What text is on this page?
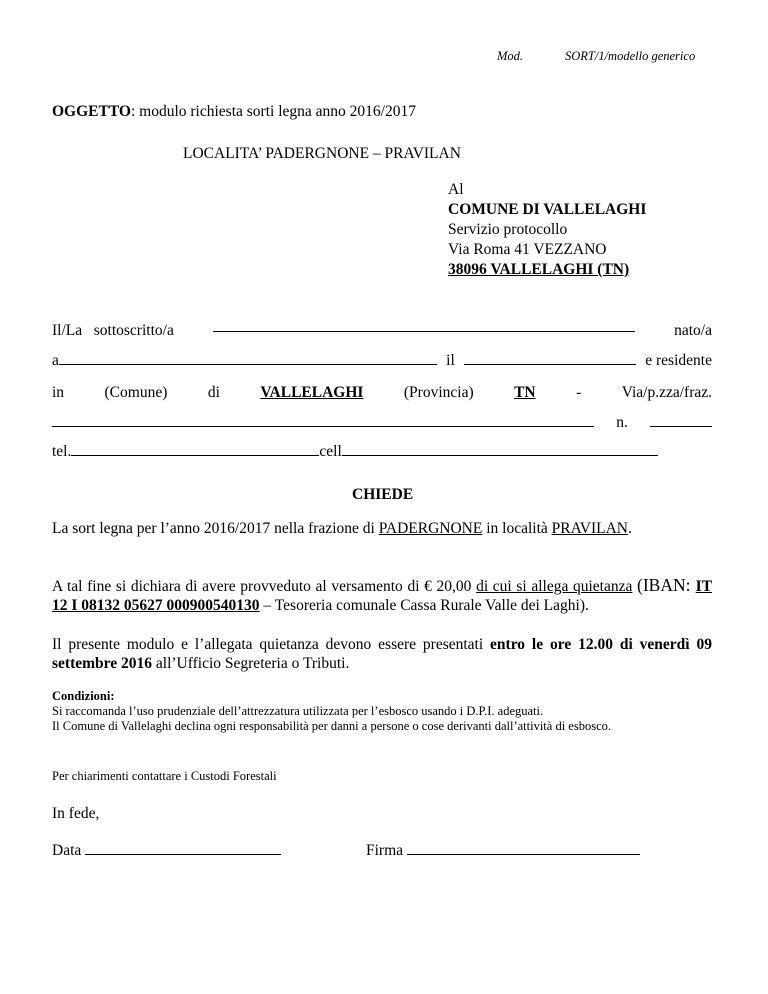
Mod.	SORT/1/modello generico
OGGETTO: modulo richiesta sorti legna anno 2016/2017
LOCALITA’ PADERGNONE – PRAVILAN
Al
COMUNE DI VALLELAGHI
Servizio protocollo
Via Roma 41 VEZZANO
38096 VALLELAGHI (TN)
Il/La sottoscritto/a	nato/a
a	il	e residente
in	(Comune)	di	VALLELAGHI	(Provincia)	TN	-	Via/p.zza/fraz.
n.
tel.	cell
CHIEDE
La sort legna per l’anno 2016/2017 nella frazione di PADERGNONE in località PRAVILAN.
A tal fine si dichiara di avere provveduto al versamento di € 20,00 di cui si allega quietanza (IBAN: IT 12 I 08132 05627 000900540130 – Tesoreria comunale Cassa Rurale Valle dei Laghi).
Il presente modulo e l’allegata quietanza devono essere presentati entro le ore 12.00 di venerdì 09 settembre 2016 all’Ufficio Segreteria o Tributi.
Condizioni:
Si raccomanda l’uso prudenziale dell’attrezzatura utilizzata per l’esbosco usando i D.P.I. adeguati.
Il Comune di Vallelaghi declina ogni responsabilità per danni a persone o cose derivanti dall’attività di esbosco.
Per chiarimenti contattare i Custodi Forestali
In fede,
Data
	Firma
